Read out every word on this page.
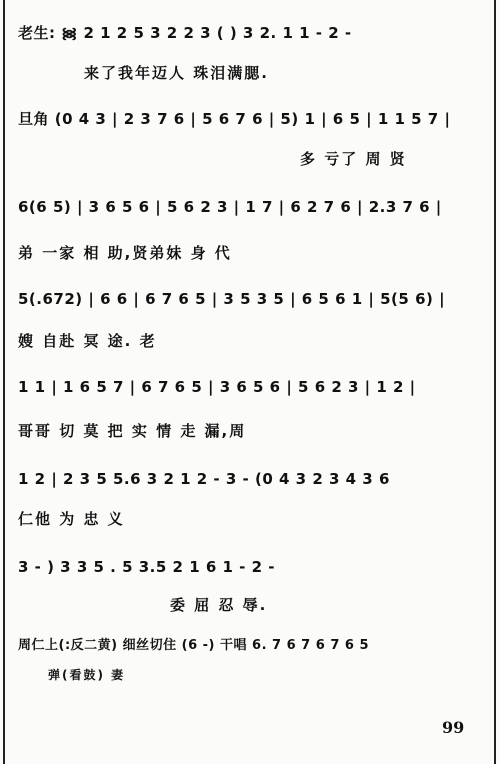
老生: ᯼ 2 1 2 5 3 2 2 3 ( ) 3 2. 1 1 - 2 -
来了我年迈人 珠泪满腮.
旦角 (0 4 3 | 2 3 7 6 | 5 6 7 6 | 5) 1 | 6 5 | 1 1 5 7 |
多 亏了 周 贤
6(6 5) | 3 6 5 6 | 5 6 2 3 | 1 7 | 6 2 7 6 | 2.3 7 6 |
弟 一家 相 助,贤弟妹 身 代
5(.672) | 6 6 | 6 7 6 5 | 3 5 3 5 | 6 5 6 1 | 5(5 6) |
嫂 自赴 冥 途. 老
1 1 | 1 6 5 7 | 6 7 6 5 | 3 6 5 6 | 5 6 2 3 | 1 2 |
哥哥 切 莫 把 实 情 走 漏,周
1 2 | 2 3 5 5.6 3 2 1 2 - 3 - (0 4 3 2 3 4 3 6
仁他 为 忠 义
3 - ) 3 3 5 . 5 3.5 2 1 6 1 - 2 -
委 屈 忍 辱.
周仁上(:反二黄) 细丝切住 (6 -) 干唱 6. 7 6 7 6 7 6 5
弹(看鼓) 妻
99
